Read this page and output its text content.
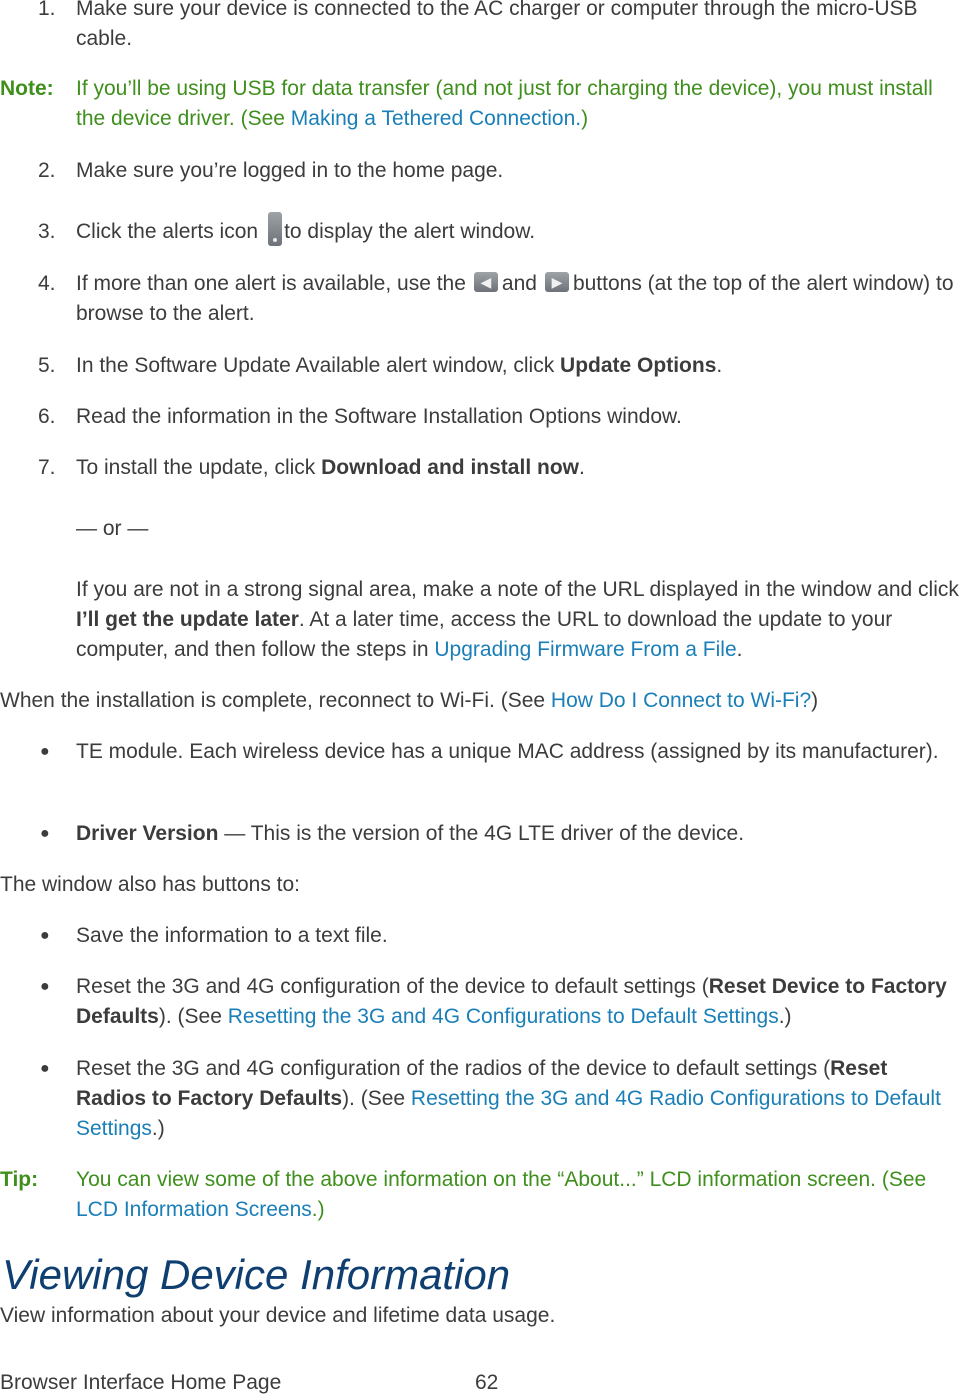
1. Make sure your device is connected to the AC charger or computer through the micro-USB cable.
Note: If you’ll be using USB for data transfer (and not just for charging the device), you must install the device driver. (See Making a Tethered Connection.)
2. Make sure you’re logged in to the home page.
3. Click the alerts icon to display the alert window.
4. If more than one alert is available, use the ◀ and ▶ buttons (at the top of the alert window) to browse to the alert.
5. In the Software Update Available alert window, click Update Options.
6. Read the information in the Software Installation Options window.
7. To install the update, click Download and install now.
— or —
If you are not in a strong signal area, make a note of the URL displayed in the window and click I’ll get the update later. At a later time, access the URL to download the update to your computer, and then follow the steps in Upgrading Firmware From a File.
When the installation is complete, reconnect to Wi-Fi. (See How Do I Connect to Wi-Fi?)
● TE module. Each wireless device has a unique MAC address (assigned by its manufacturer).
● Driver Version — This is the version of the 4G LTE driver of the device.
The window also has buttons to:
● Save the information to a text file.
● Reset the 3G and 4G configuration of the device to default settings (Reset Device to Factory Defaults). (See Resetting the 3G and 4G Configurations to Default Settings.)
● Reset the 3G and 4G configuration of the radios of the device to default settings (Reset Radios to Factory Defaults). (See Resetting the 3G and 4G Radio Configurations to Default Settings.)
Tip: You can view some of the above information on the “About...” LCD information screen. (See LCD Information Screens.)
Viewing Device Information
View information about your device and lifetime data usage.
Browser Interface Home Page	62
